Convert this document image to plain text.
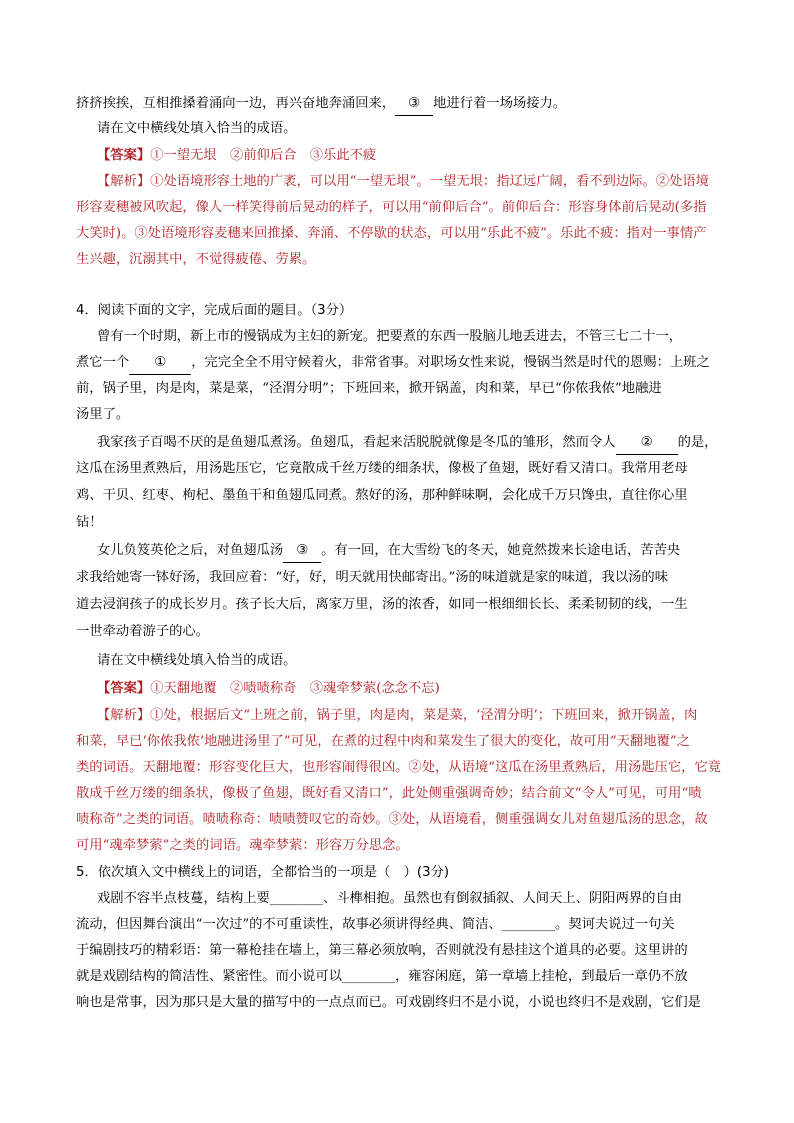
挤挤挨挨，互相推搡着涌向一边，再兴奋地奔涌回来， ③ 地进行着一场场接力。
请在文中横线处填入恰当的成语。
【答案】①一望无垠　②前仰后合　③乐此不疲
【解析】①处语境形容土地的广袤，可以用“一望无垠”。一望无垠：指辽远广阔，看不到边际。②处语境
形容麦穗被风吹起，像人一样笑得前后晃动的样子，可以用“前仰后合”。前仰后合：形容身体前后晃动(多指
大笑时)。③处语境形容麦穗来回推搡、奔涌、不停歇的状态，可以用“乐此不疲”。乐此不疲：指对一事情产
生兴趣，沉溺其中，不觉得疲倦、劳累。
4．阅读下面的文字，完成后面的题目。（3分）
曾有一个时期，新上市的慢锅成为主妇的新宠。把要煮的东西一股脑儿地丢进去，不管三七二十一，
煮它一个 ① ，完完全全不用守候着火，非常省事。对职场女性来说，慢锅当然是时代的恩赐：上班之
前，锅子里，肉是肉，菜是菜，“泾渭分明”；下班回来，掀开锅盖，肉和菜，早已“你侬我侬”地融进
汤里了。
我家孩子百喝不厌的是鱼翅瓜煮汤。鱼翅瓜，看起来活脱脱就像是冬瓜的雏形，然而令人 ② 的是，
这瓜在汤里煮熟后，用汤匙压它，它竟散成千丝万缕的细条状，像极了鱼翅，既好看又清口。我常用老母
鸡、干贝、红枣、枸杞、墨鱼干和鱼翅瓜同煮。熬好的汤，那种鲜味啊，会化成千万只馋虫，直往你心里
钻！
女儿负笈英伦之后，对鱼翅瓜汤 ③ 。有一回，在大雪纷飞的冬天，她竟然拨来长途电话，苦苦央
求我给她寄一钵好汤，我回应着：“好，好，明天就用快邮寄出。”汤的味道就是家的味道，我以汤的味
道去浸润孩子的成长岁月。孩子长大后，离家万里，汤的浓香，如同一根细细长长、柔柔韧韧的线，一生
一世牵动着游子的心。
请在文中横线处填入恰当的成语。
【答案】①天翻地覆　②啧啧称奇　③魂牵梦萦(念念不忘)
【解析】①处，根据后文“上班之前，锅子里，肉是肉，菜是菜，‘泾渭分明’；下班回来，掀开锅盖，肉
和菜，早已‘你侬我侬’地融进汤里了”可见，在煮的过程中肉和菜发生了很大的变化，故可用“天翻地覆”之
类的词语。天翻地覆：形容变化巨大，也形容闹得很凶。②处，从语境“这瓜在汤里煮熟后，用汤匙压它，它竟
散成千丝万缕的细条状，像极了鱼翅，既好看又清口”，此处侧重强调奇妙；结合前文“令人”可见，可用“啧
啧称奇”之类的词语。啧啧称奇：啧啧赞叹它的奇妙。③处，从语境看，侧重强调女儿对鱼翅瓜汤的思念，故
可用“魂牵梦萦”之类的词语。魂牵梦萦：形容万分思念。
5．依次填入文中横线上的词语，全都恰当的一项是（　）(3分)
戏剧不容半点枝蔓，结构上要________、斗榫相抱。虽然也有倒叙插叙、人间天上、阴阳两界的自由
流动，但因舞台演出“一次过”的不可重读性，故事必须讲得经典、简洁、________。契诃夫说过一句关
于编剧技巧的精彩语：第一幕枪挂在墙上，第三幕必须放响，否则就没有悬挂这个道具的必要。这里讲的
就是戏剧结构的简洁性、紧密性。而小说可以________，雍容闲庭，第一章墙上挂枪，到最后一章仍不放
响也是常事，因为那只是大量的描写中的一点点而已。可戏剧终归不是小说，小说也终归不是戏剧，它们是
